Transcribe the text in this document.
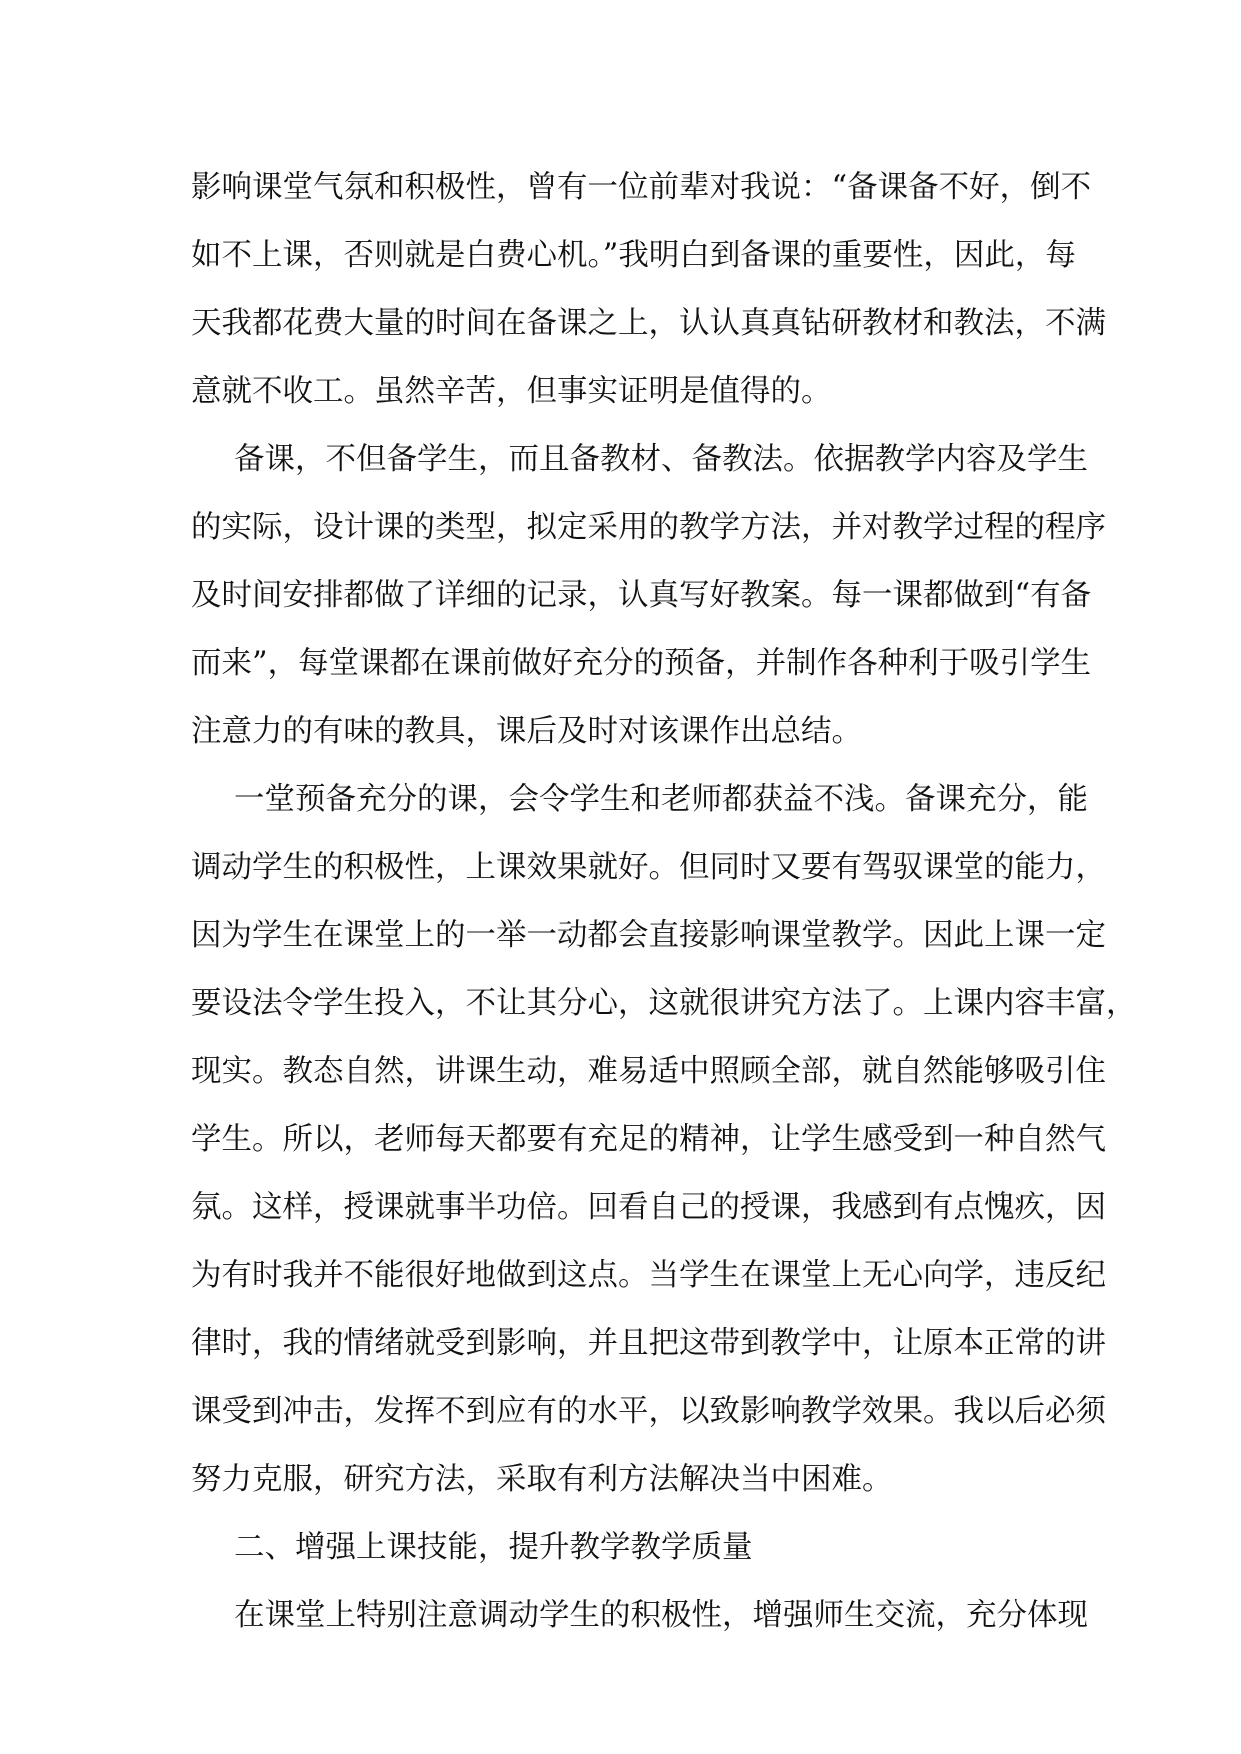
影响课堂气氛和积极性，曾有一位前辈对我说：“备课备不好，倒不
如不上课，否则就是白费心机。”我明白到备课的重要性，因此，每
天我都花费大量的时间在备课之上，认认真真钻研教材和教法，不满
意就不收工。虽然辛苦，但事实证明是值得的。
备课，不但备学生，而且备教材、备教法。依据教学内容及学生
的实际，设计课的类型，拟定采用的教学方法，并对教学过程的程序
及时间安排都做了详细的记录，认真写好教案。每一课都做到“有备
而来”，每堂课都在课前做好充分的预备，并制作各种利于吸引学生
注意力的有味的教具，课后及时对该课作出总结。
一堂预备充分的课，会令学生和老师都获益不浅。备课充分，能
调动学生的积极性，上课效果就好。但同时又要有驾驭课堂的能力，
因为学生在课堂上的一举一动都会直接影响课堂教学。因此上课一定
要设法令学生投入，不让其分心，这就很讲究方法了。上课内容丰富，
现实。教态自然，讲课生动，难易适中照顾全部，就自然能够吸引住
学生。所以，老师每天都要有充足的精神，让学生感受到一种自然气
氛。这样，授课就事半功倍。回看自己的授课，我感到有点愧疚，因
为有时我并不能很好地做到这点。当学生在课堂上无心向学，违反纪
律时，我的情绪就受到影响，并且把这带到教学中，让原本正常的讲
课受到冲击，发挥不到应有的水平，以致影响教学效果。我以后必须
努力克服，研究方法，采取有利方法解决当中困难。
二、增强上课技能，提升教学教学质量
在课堂上特别注意调动学生的积极性，增强师生交流，充分体现
